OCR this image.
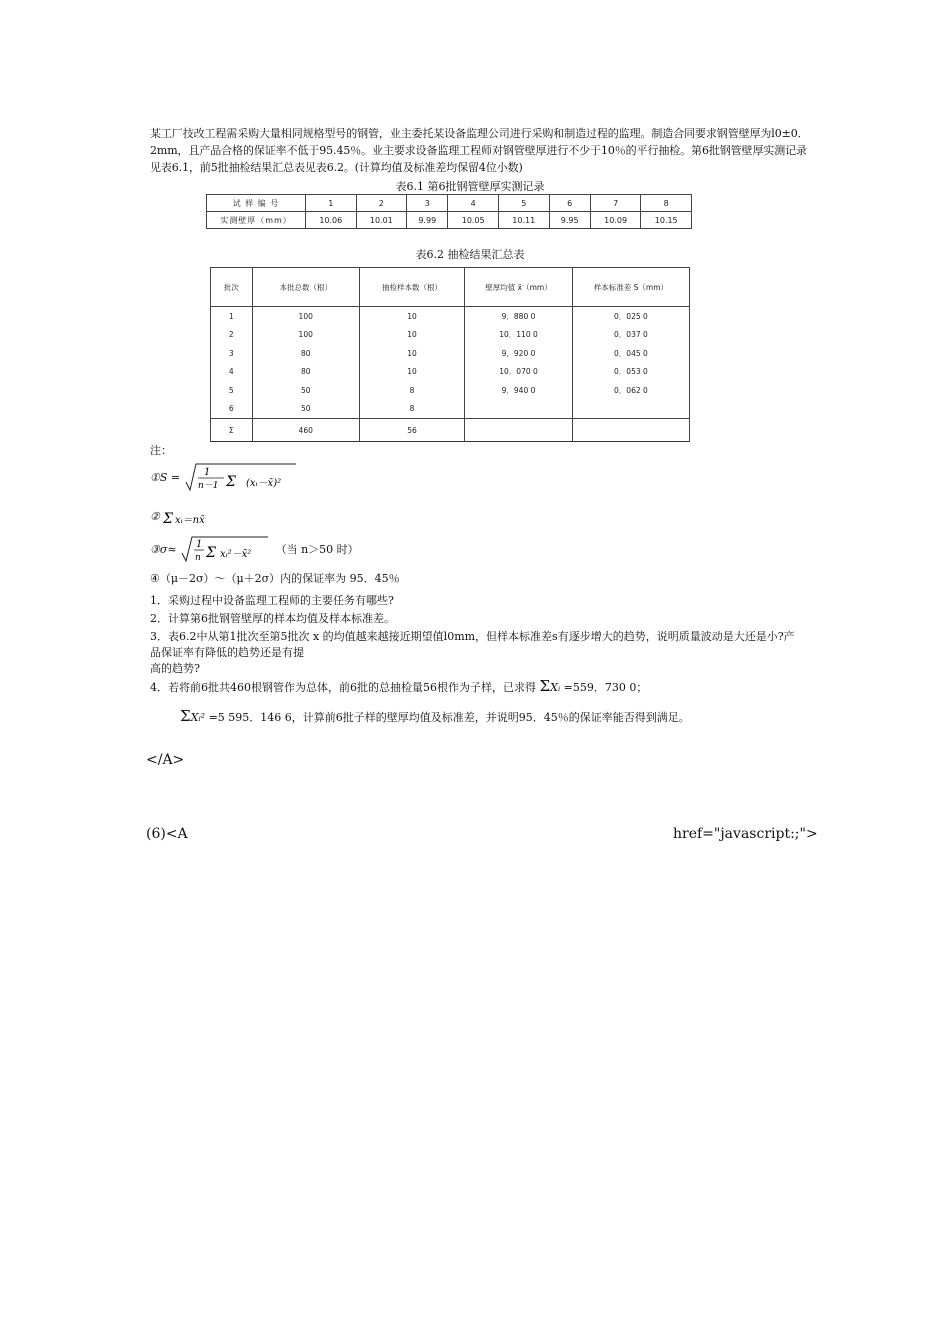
某工厂技改工程需采购大量相同规格型号的钢管，业主委托某设备监理公司进行采购和制造过程的监理。制造合同要求钢管壁厚为l0±0．2mm，且产品合格的保证率不低于95.45％。业主要求设备监理工程师对钢管壁厚进行不少于10％的平行抽检。第6批钢管壁厚实测记录见表6.1，前5批抽检结果汇总表见表6.2。(计算均值及标准差均保留4位小数)
表6.1 第6批钢管壁厚实测记录
试 样 编 号	1	2	3	4	5	6	7	8
实测壁厚（mm）	10.06	10.01	9.99	10.05	10.11	9.95	10.09	10.15
表6.2 抽检结果汇总表
批次	本批总数（根）	抽检样本数（根）	壁厚均值 x̄（mm）	样本标准差 S（mm）
1	100	10	9．880 0	0．025 0
2	100	10	10．110 0	0．037 0
3	80	10	9．920 0	0．045 0
4	80	10	10．070 0	0．053 0
5	50	8	9．940 0	0．062 0
6	50	8		
Σ	460	56		
注：
①S = 1
n－1 Σ (xᵢ－x̄)²
② Σ xᵢ＝nx̄
③σ≈ 1
n Σ xᵢ²－x̄² （当 n＞50 时）
④（μ－2σ）～（μ＋2σ）内的保证率为 95．45％
1．采购过程中设备监理工程师的主要任务有哪些?
2．计算第6批钢管壁厚的样本均值及样本标准差。
3．表6.2中从第1批次至第5批次 x 的均值越来越接近期望值l0mm，但样本标准差s有逐步增大的趋势，说明质量波动是大还是小?产品保证率有降低的趋势还是有提
高的趋势?
4．若将前6批共460根钢管作为总体，前6批的总抽检量56根作为子样，已求得 ΣXᵢ =559．730 0；
ΣXᵢ² =5 595．146 6，计算前6批子样的壁厚均值及标准差，并说明95．45％的保证率能否得到满足。
</A>
(6)<A	href="javascript:;">
